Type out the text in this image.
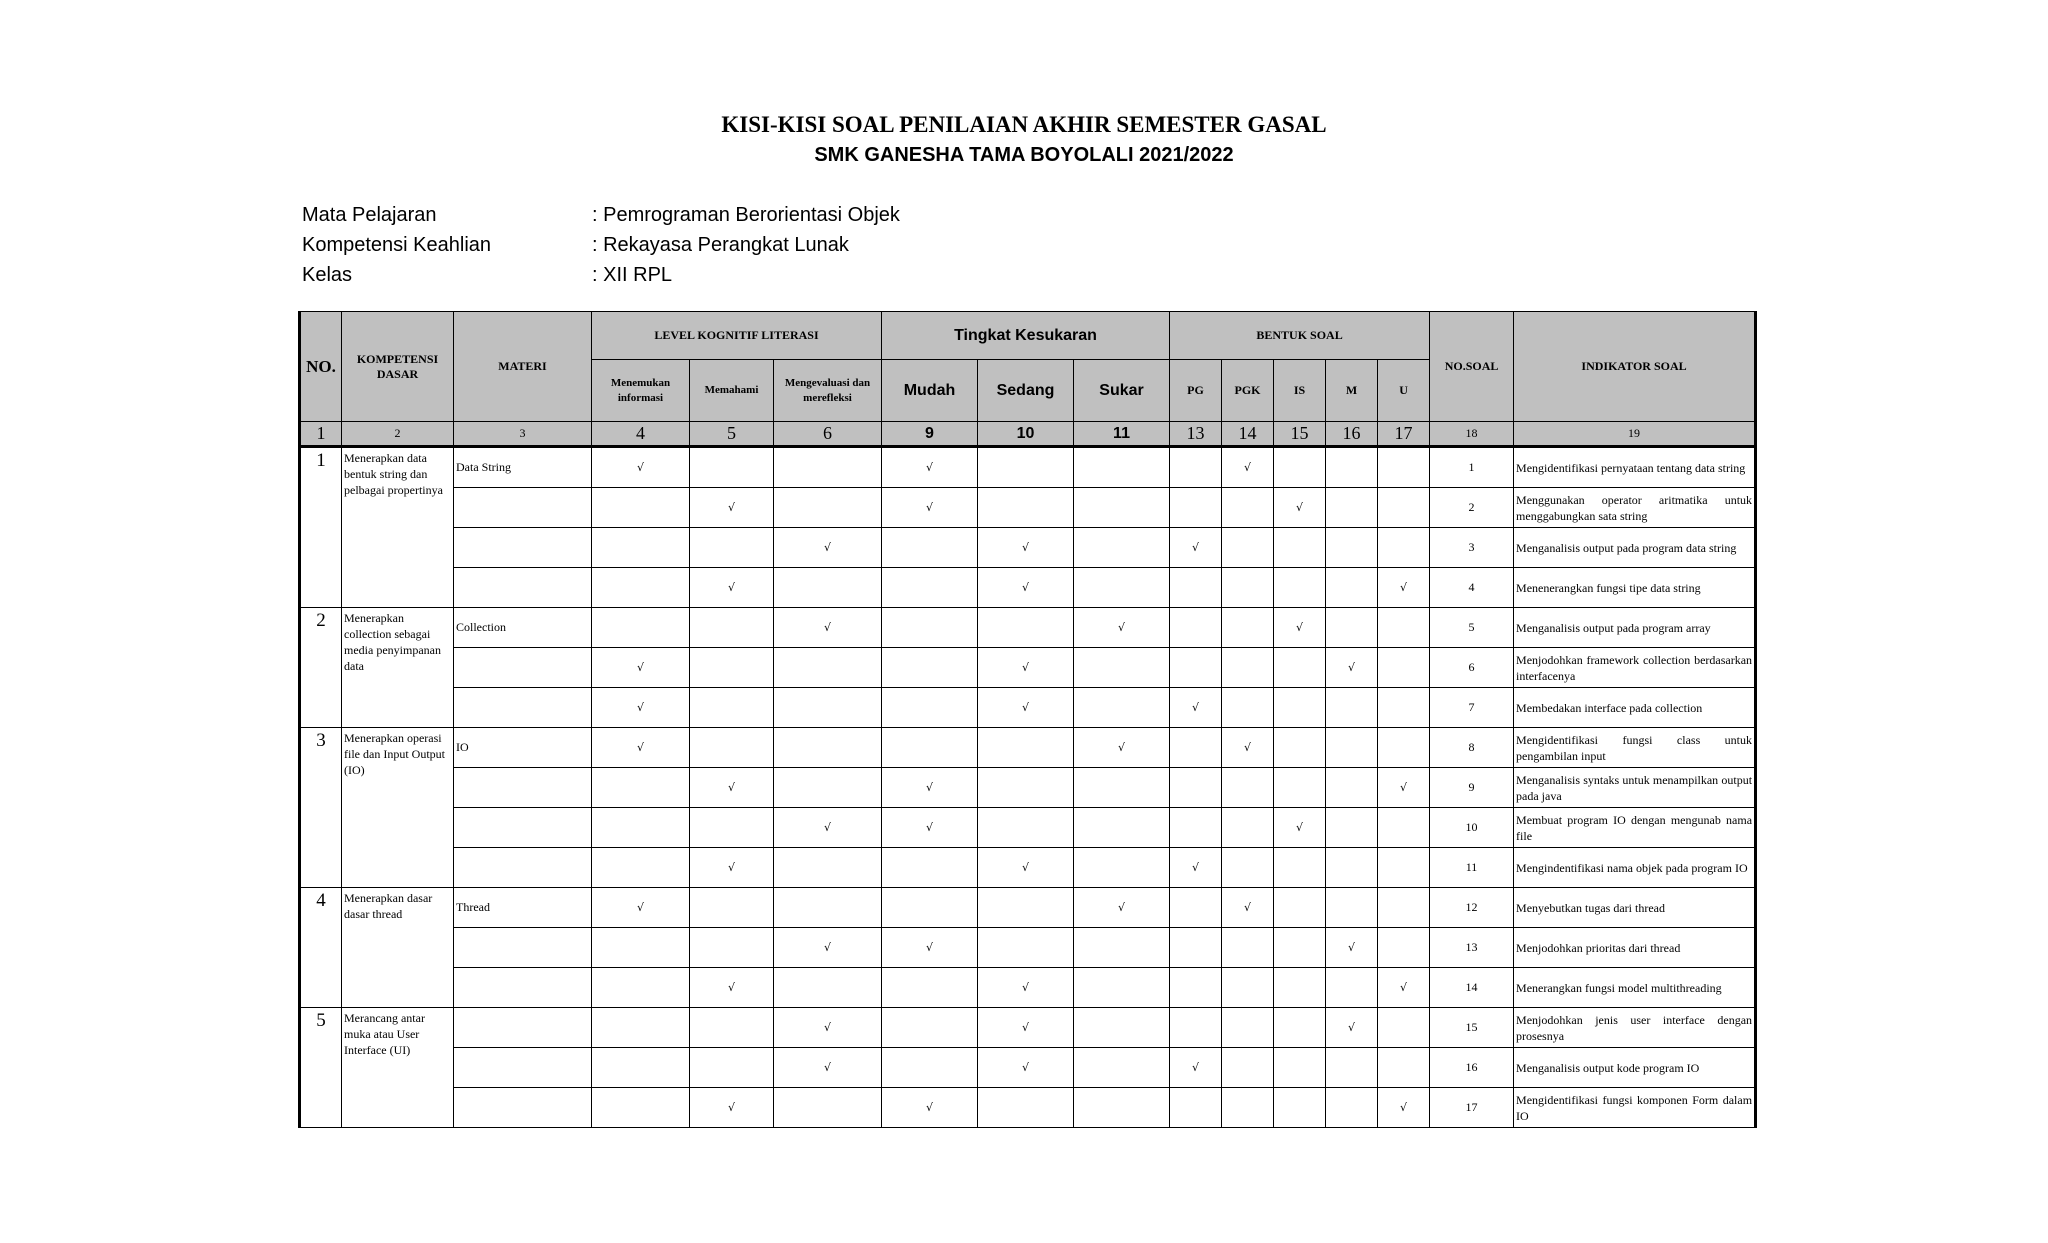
KISI-KISI SOAL PENILAIAN AKHIR SEMESTER GASAL
SMK GANESHA TAMA BOYOLALI 2021/2022
Mata Pelajaran	: Pemrograman Berorientasi Objek
Kompetensi Keahlian	: Rekayasa Perangkat Lunak
Kelas	: XII RPL
NO.	KOMPETENSI DASAR	MATERI	LEVEL KOGNITIF LITERASI			Tingkat Kesukaran			BENTUK SOAL					NO.SOAL	INDIKATOR SOAL
			Menemukan informasi	Memahami	Mengevaluasi dan merefleksi	Mudah	Sedang	Sukar	PG	PGK	IS	M	U		
1	2	3	4	5	6	9	10	11	13	14	15	16	17	18	19
1	Menerapkan data bentuk string dan pelbagai propertinya	Data String	√			√				√				1	Mengidentifikasi pernyataan tentang data string
				√		√					√			2	Menggunakan operator aritmatika untuk menggabungkan sata string
					√		√		√					3	Menganalisis output pada program data string
				√			√						√	4	Menenerangkan fungsi tipe data string
2	Menerapkan collection sebagai media penyimpanan data	Collection			√			√			√			5	Menganalisis output pada program array
			√				√					√		6	Menjodohkan framework collection berdasarkan interfacenya
			√				√		√					7	Membedakan interface pada collection
3	Menerapkan operasi file dan Input Output (IO)	IO	√					√		√				8	Mengidentifikasi fungsi class untuk pengambilan input
				√		√							√	9	Menganalisis syntaks untuk menampilkan output pada java
					√	√					√			10	Membuat program IO dengan mengunab nama file
				√			√		√					11	Mengindentifikasi nama objek pada program IO
4	Menerapkan dasar dasar thread	Thread	√					√		√				12	Menyebutkan tugas dari thread
					√	√						√		13	Menjodohkan prioritas dari thread
				√			√						√	14	Menerangkan fungsi model multithreading
5	Merancang antar muka atau User Interface (UI)				√		√					√		15	Menjodohkan jenis user interface dengan prosesnya
					√		√		√					16	Menganalisis output kode program IO
				√		√							√	17	Mengidentifikasi fungsi komponen Form dalam IO
